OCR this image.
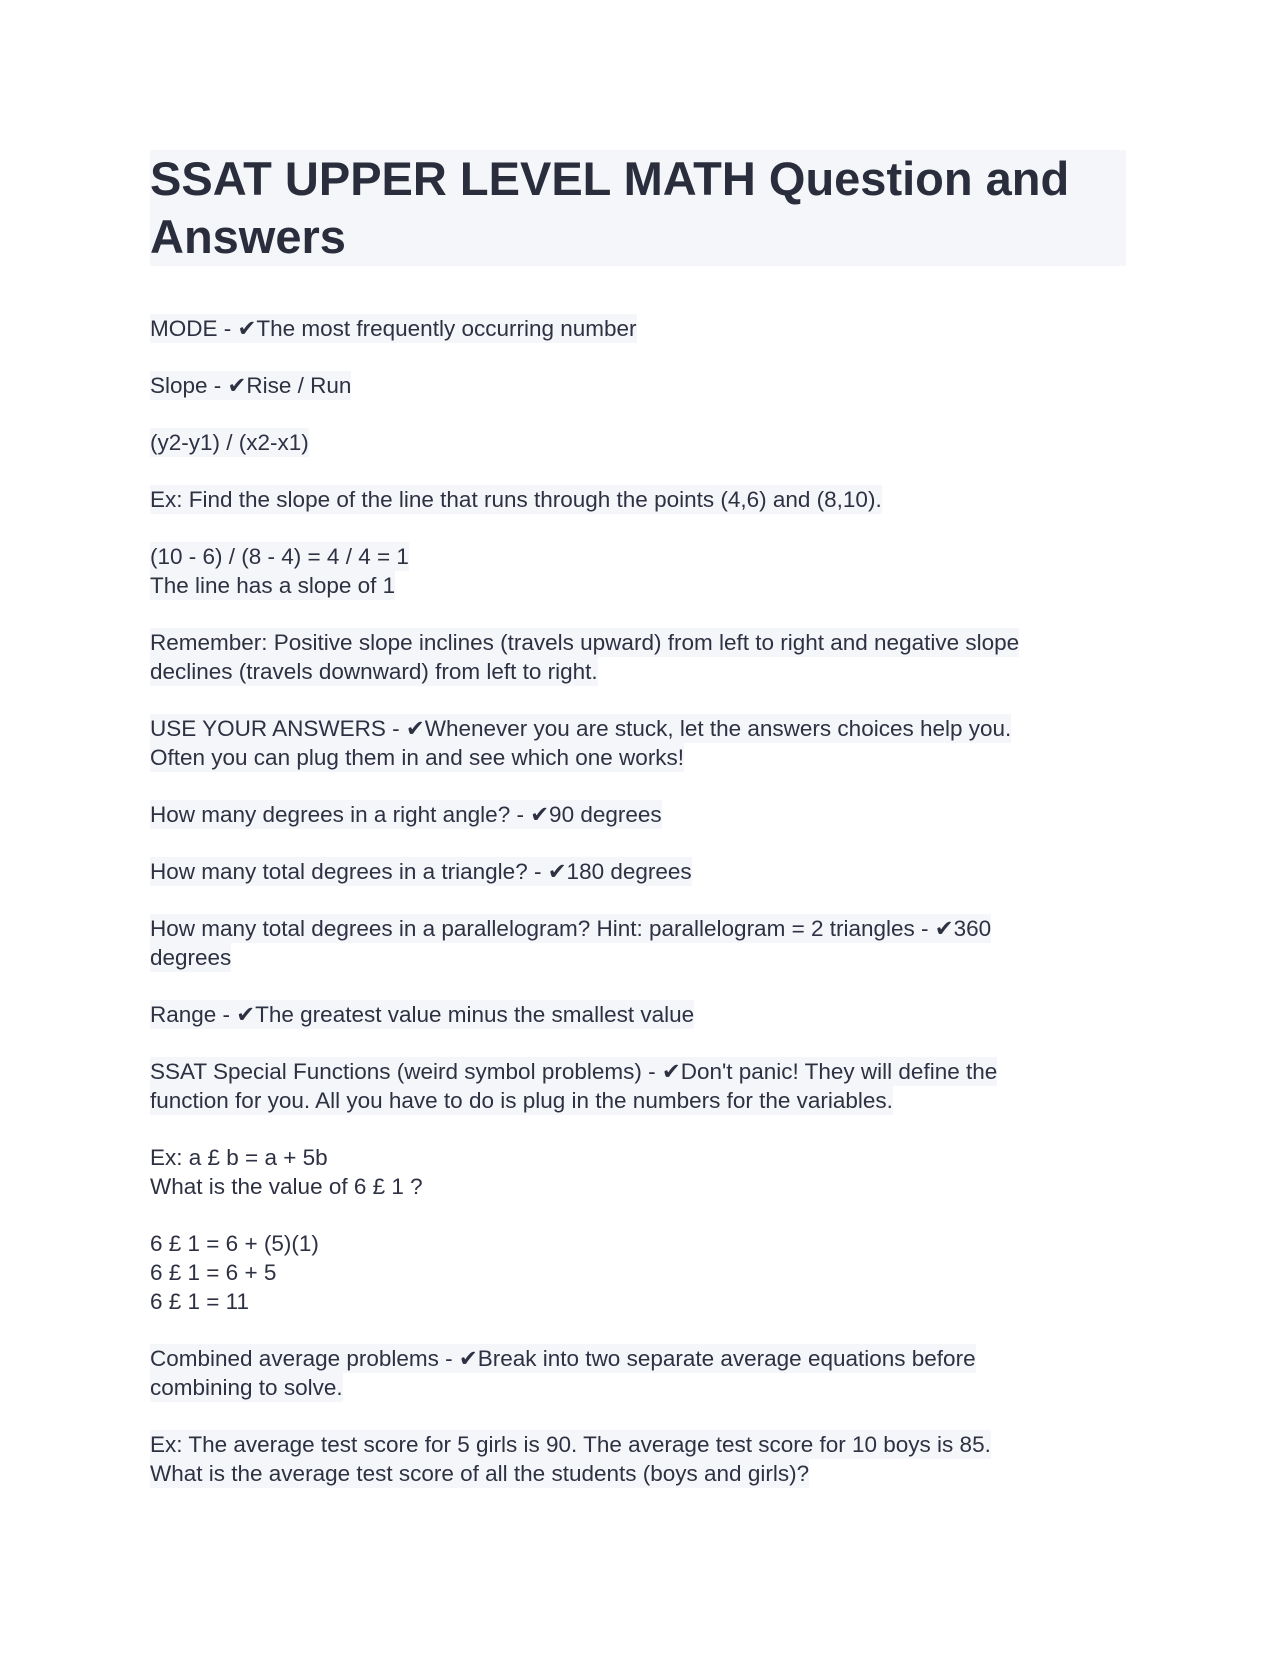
SSAT UPPER LEVEL MATH Question and Answers
MODE - ✔The most frequently occurring number
Slope - ✔Rise / Run
(y2-y1) / (x2-x1)
Ex: Find the slope of the line that runs through the points (4,6) and (8,10).
(10 - 6) / (8 - 4) = 4 / 4 = 1
The line has a slope of 1
Remember: Positive slope inclines (travels upward) from left to right and negative slope
declines (travels downward) from left to right.
USE YOUR ANSWERS - ✔Whenever you are stuck, let the answers choices help you.
Often you can plug them in and see which one works!
How many degrees in a right angle? - ✔90 degrees
How many total degrees in a triangle? - ✔180 degrees
How many total degrees in a parallelogram? Hint: parallelogram = 2 triangles - ✔360
degrees
Range - ✔The greatest value minus the smallest value
SSAT Special Functions (weird symbol problems) - ✔Don't panic! They will define the
function for you. All you have to do is plug in the numbers for the variables.
Ex: a £ b = a + 5b
What is the value of 6 £ 1 ?
6 £ 1 = 6 + (5)(1)
6 £ 1 = 6 + 5
6 £ 1 = 11
Combined average problems - ✔Break into two separate average equations before
combining to solve.
Ex: The average test score for 5 girls is 90. The average test score for 10 boys is 85.
What is the average test score of all the students (boys and girls)?
